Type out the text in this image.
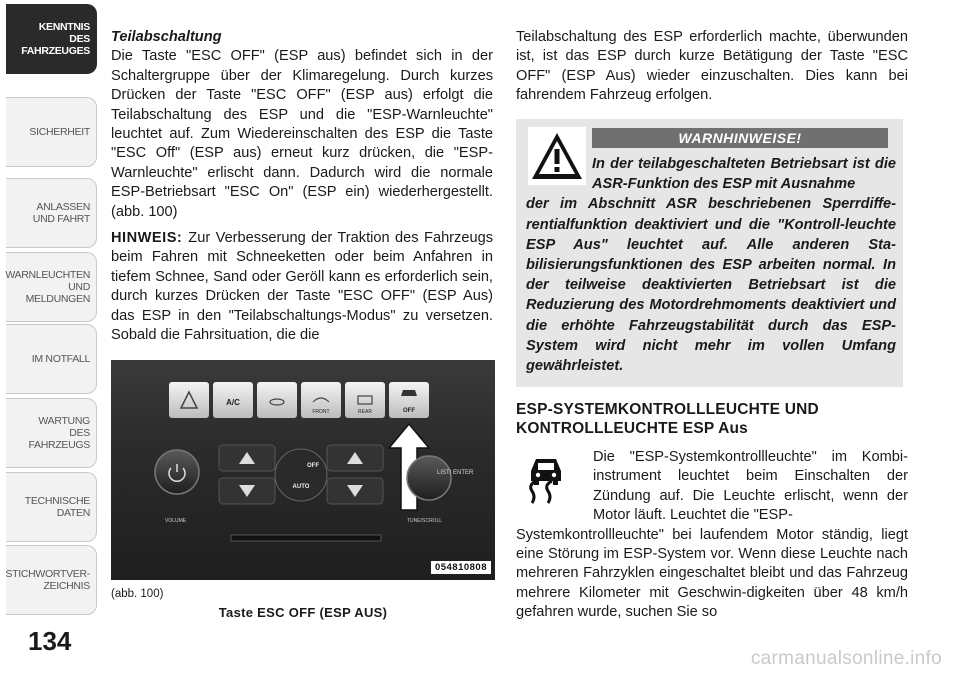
KENNTNIS
DES
FAHRZEUGES
SICHERHEIT
ANLASSEN
UND FAHRT
WARNLEUCHTEN
UND
MELDUNGEN
IM NOTFALL
WARTUNG
DES
FAHRZEUGS
TECHNISCHE
DATEN
STICHWORTVER-
ZEICHNIS
134

Teilabschaltung

Die Taste "ESC OFF" (ESP aus) befindet sich in der Schaltergruppe über der Klimaregelung. Durch kurzes Drücken der Taste "ESC OFF" (ESP aus) erfolgt die Teilabschaltung des ESP und die "ESP-Warnleuchte" leuchtet auf. Zum Wiedereinschalten des ESP die Taste "ESC Off" (ESP aus) erneut kurz drücken, die "ESP-Warnleuchte" erlischt dann. Dadurch wird die normale ESP-Betriebsart "ESC On" (ESP ein) wiederhergestellt. (abb. 100)

HINWEIS: Zur Verbesserung der Traktion des Fahrzeugs beim Fahren mit Schneeketten oder beim Anfahren in tiefem Schnee, Sand oder Geröll kann es erforderlich sein, durch kurzes Drücken der Taste "ESC OFF" (ESP Aus) das ESP in den "Teilabschaltungs-Modus" zu versetzen. Sobald die Fahrsituation, die die

A/C
FRONT	REAR	OFF
LIST/ ENTER
OFF
AUTO
VOLUME	TUNE/SCROLL
054810808
(abb. 100)
Taste ESC OFF (ESP AUS)

Teilabschaltung des ESP erforderlich machte, überwunden ist, ist das ESP durch kurze Betätigung der Taste "ESC OFF" (ESP Aus) wieder einzuschalten. Dies kann bei fahrendem Fahrzeug erfolgen.

WARNHINWEISE!
In der teilabgeschalteten Betriebsart ist die ASR-Funktion des ESP mit Ausnahme
der im Abschnitt ASR beschriebenen Sperrdiffe-rentialfunktion deaktiviert und die "Kontroll-leuchte ESP Aus" leuchtet auf. Alle anderen Sta-bilisierungsfunktionen des ESP arbeiten normal. In der teilweise deaktivierten Betriebsart ist die Reduzierung des Motordrehmoments deaktiviert und die erhöhte Fahrzeugstabilität durch das ESP-System wird nicht mehr im vollen Umfang gewährleistet.
ESP-SYSTEMKONTROLLLEUCHTE UND KONTROLLLEUCHTE ESP Aus
Die "ESP-Systemkontrollleuchte" im Kombi-instrument leuchtet beim Einschalten der Zündung auf. Die Leuchte erlischt, wenn der Motor läuft. Leuchtet die "ESP-
Systemkontrollleuchte" bei laufendem Motor ständig, liegt eine Störung im ESP-System vor. Wenn diese Leuchte nach mehreren Fahrzyklen eingeschaltet bleibt und das Fahrzeug mehrere Kilometer mit Geschwin-digkeiten über 48 km/h gefahren wurde, suchen Sie so
carmanualsonline.info
